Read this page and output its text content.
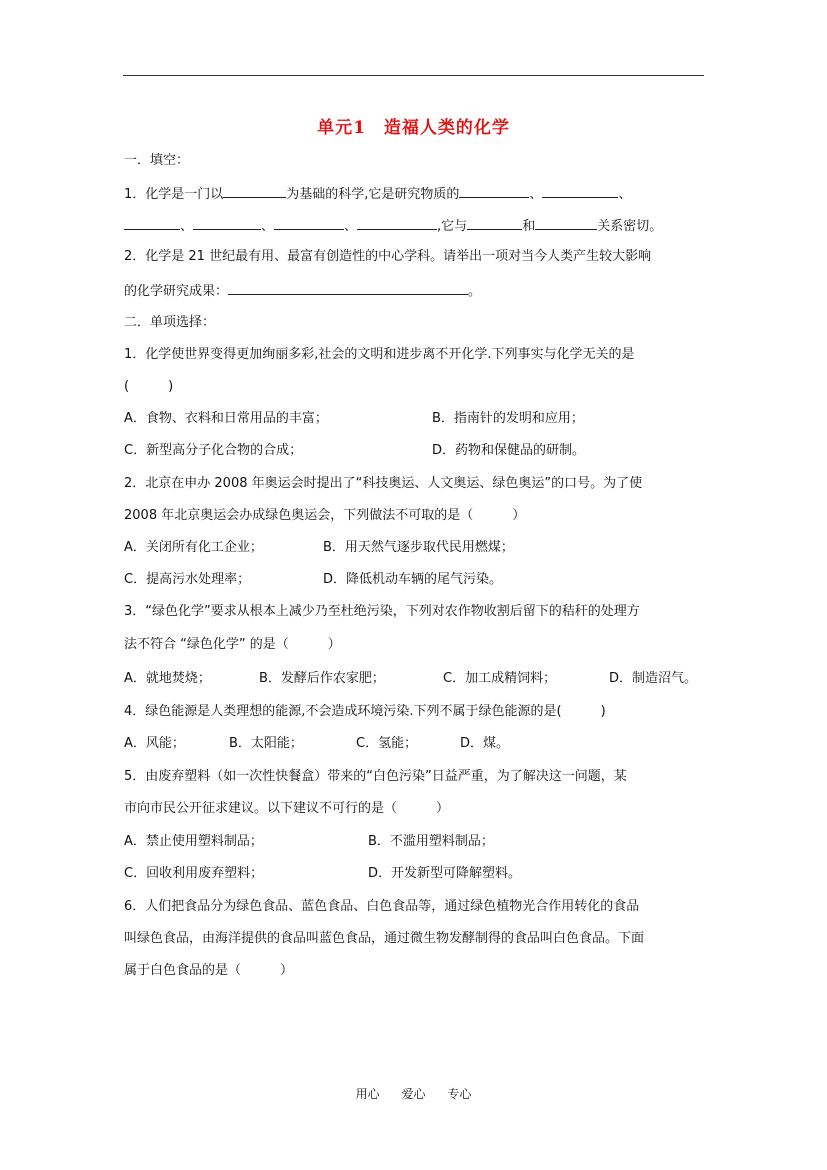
单元1　造福人类的化学
一．填空：
1．化学是一门以	为基础的科学,它是研究物质的	、	、
、	、	、	,它与	和	关系密切。
2．化学是 21 世纪最有用、最富有创造性的中心学科。请举出一项对当今人类产生较大影响
的化学研究成果：	。
二．单项选择：
1．化学使世界变得更加绚丽多彩,社会的文明和进步离不开化学.下列事实与化学无关的是
(　　　)
A．食物、衣料和日常用品的丰富；	B．指南针的发明和应用；
C．新型高分子化合物的合成；	D．药物和保健品的研制。
2．北京在申办 2008 年奥运会时提出了“科技奥运、人文奥运、绿色奥运”的口号。为了使
2008 年北京奥运会办成绿色奥运会，下列做法不可取的是（　　　）
A．关闭所有化工企业；	B．用天然气逐步取代民用燃煤；
C．提高污水处理率；	D．降低机动车辆的尾气污染。
3．“绿色化学”要求从根本上减少乃至杜绝污染，下列对农作物收割后留下的秸秆的处理方
法不符合 “绿色化学” 的是（　　　）
A．就地焚烧；	B．发酵后作农家肥；	C．加工成精饲料；	D．制造沼气。
4．绿色能源是人类理想的能源,不会造成环境污染.下列不属于绿色能源的是(　　　)
A．风能；	B．太阳能；	C．氢能；	D．煤。
5．由废弃塑料（如一次性快餐盒）带来的“白色污染”日益严重，为了解决这一问题，某
市向市民公开征求建议。以下建议不可行的是（　　　）
A．禁止使用塑料制品；	B．不滥用塑料制品；
C．回收利用废弃塑料；	D．开发新型可降解塑料。
6．人们把食品分为绿色食品、蓝色食品、白色食品等，通过绿色植物光合作用转化的食品
叫绿色食品，由海洋提供的食品叫蓝色食品，通过微生物发酵制得的食品叫白色食品。下面
属于白色食品的是（　　　）
用心 爱心 专心
